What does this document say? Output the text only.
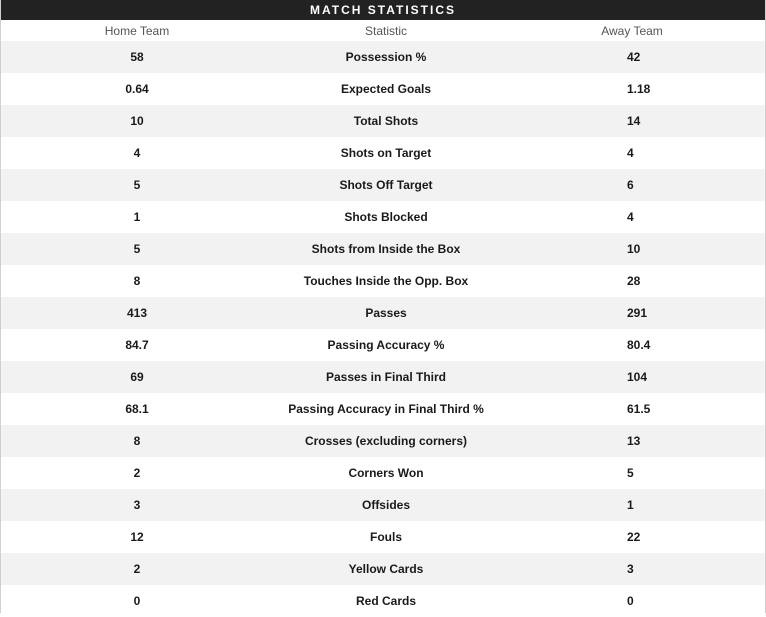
MATCH STATISTICS
Home Team	Statistic	Away Team
58	Possession %	42
0.64	Expected Goals	1.18
10	Total Shots	14
4	Shots on Target	4
5	Shots Off Target	6
1	Shots Blocked	4
5	Shots from Inside the Box	10
8	Touches Inside the Opp. Box	28
413	Passes	291
84.7	Passing Accuracy %	80.4
69	Passes in Final Third	104
68.1	Passing Accuracy in Final Third %	61.5
8	Crosses (excluding corners)	13
2	Corners Won	5
3	Offsides	1
12	Fouls	22
2	Yellow Cards	3
0	Red Cards	0
